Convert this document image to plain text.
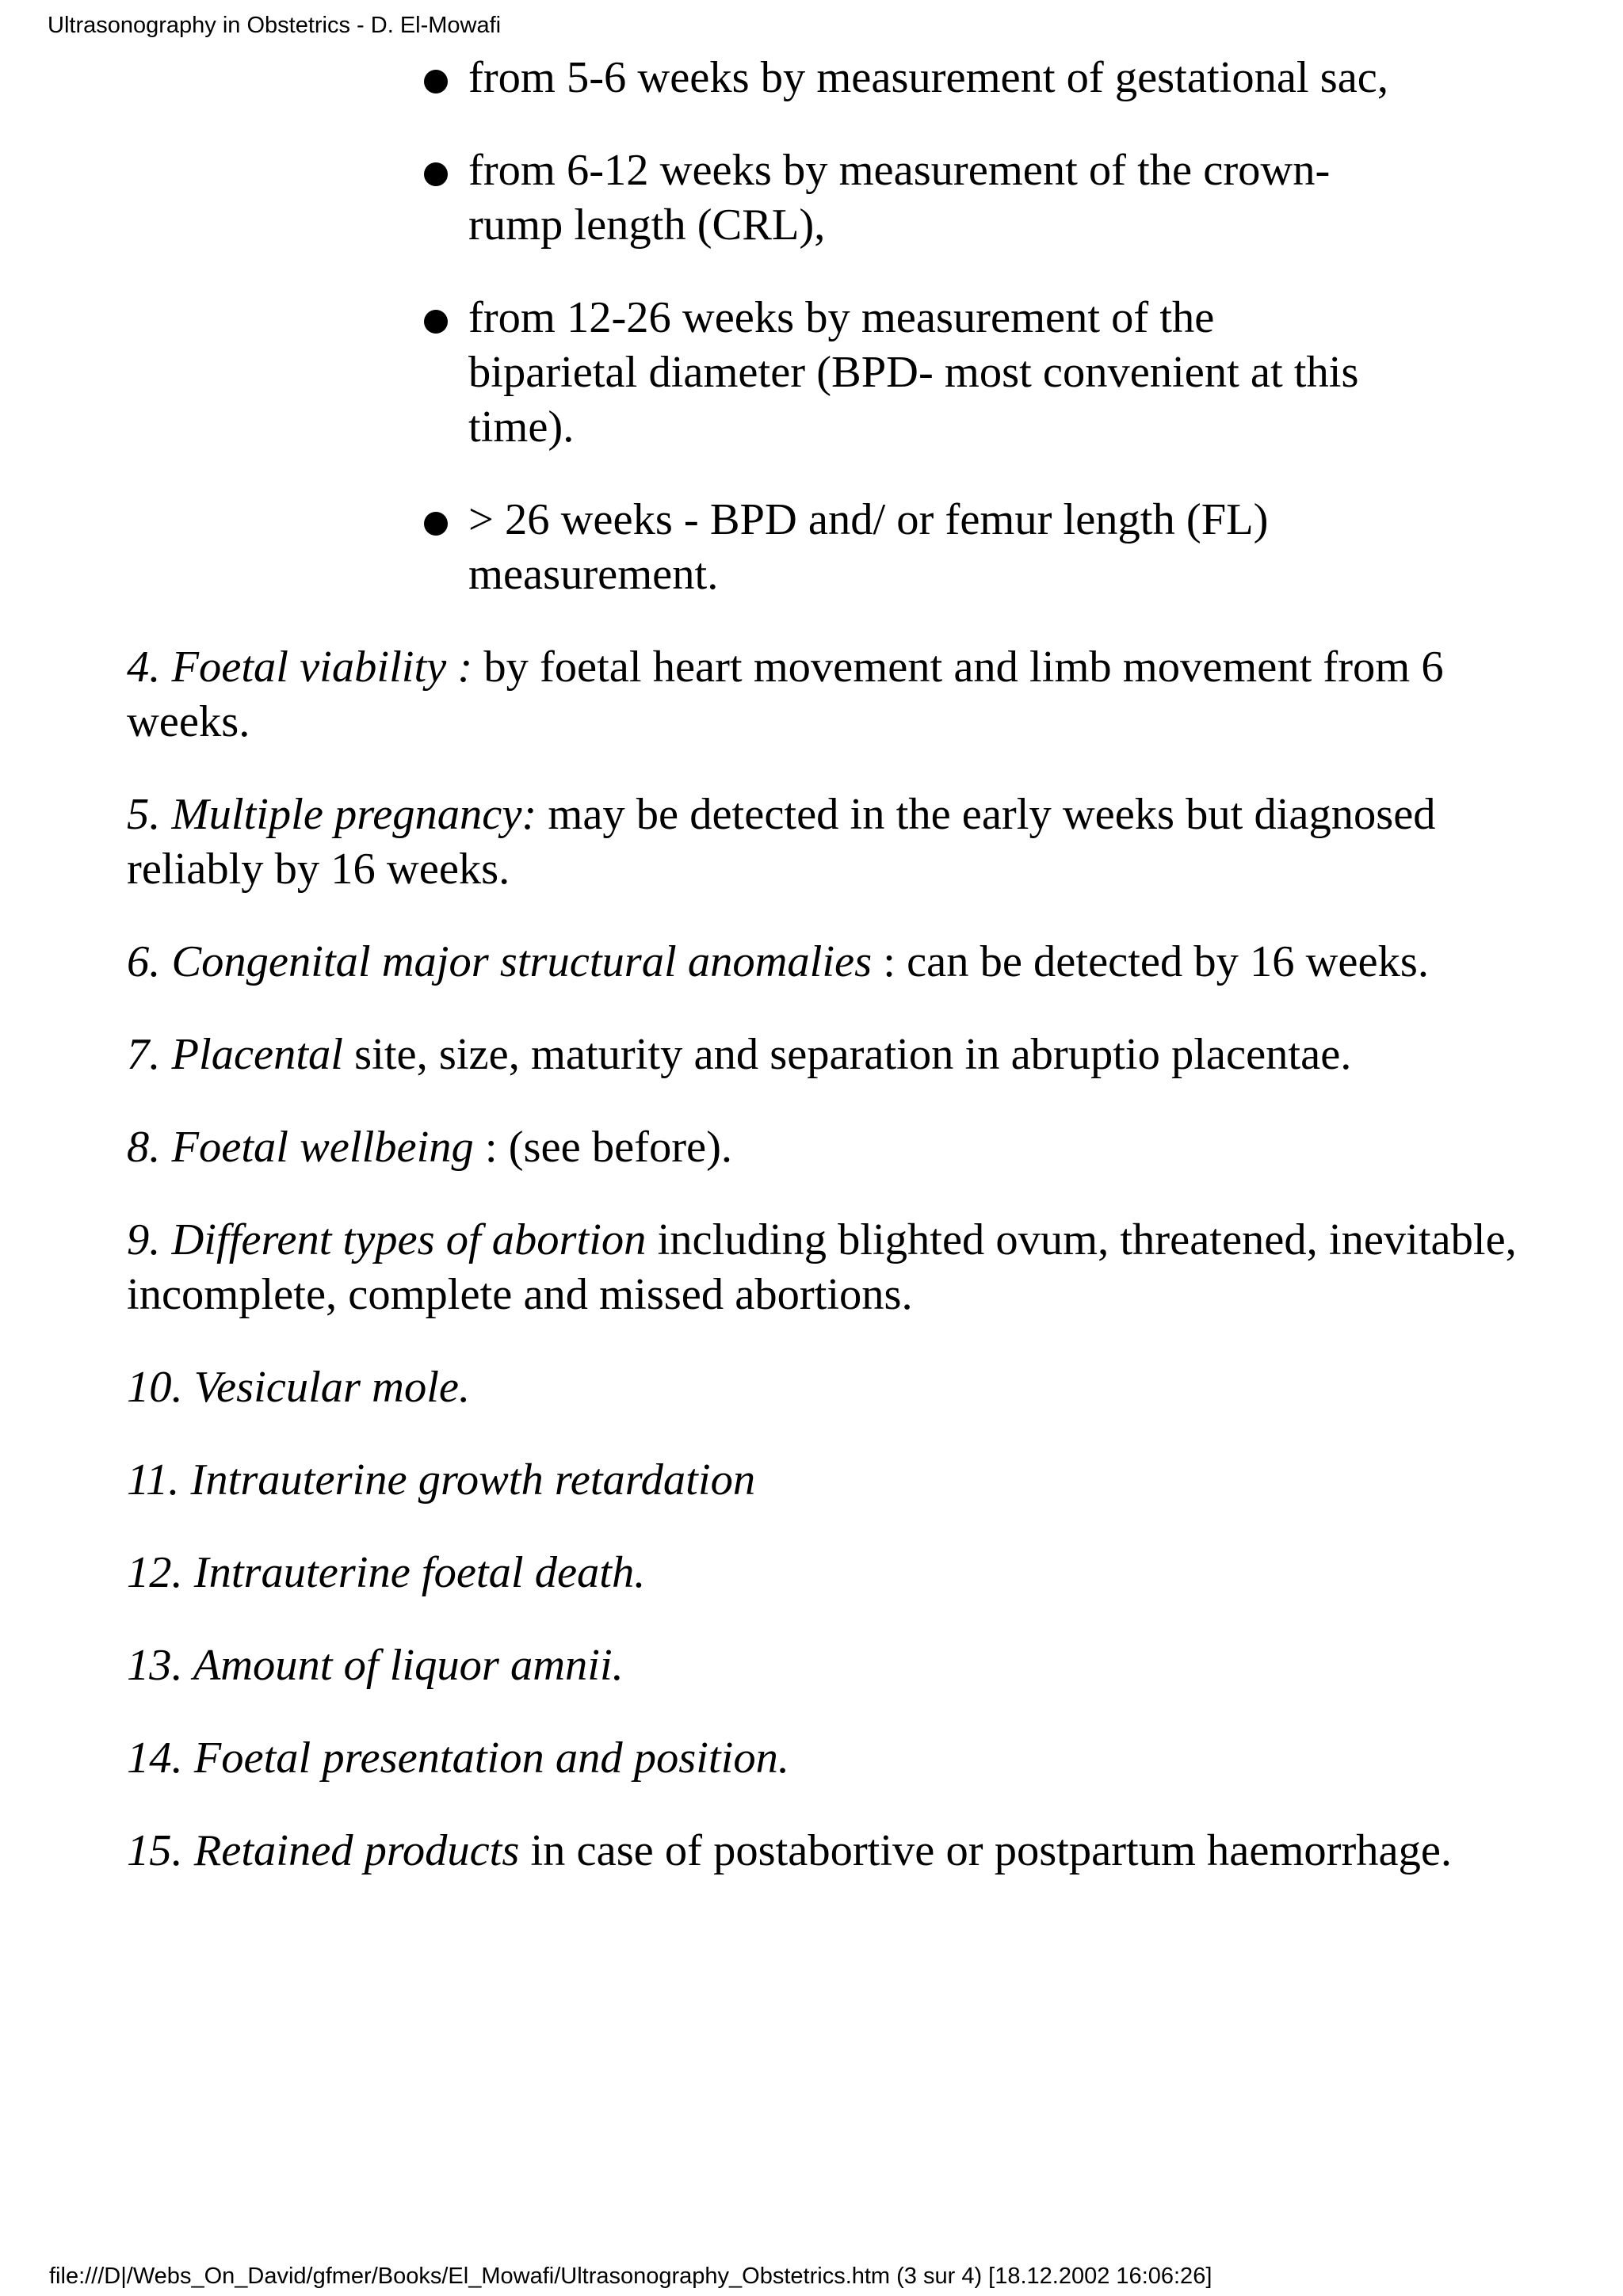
Ultrasonography in Obstetrics - D. El-Mowafi
from 5-6 weeks by measurement of gestational sac,
from 6-12 weeks by measurement of the crown- rump length (CRL),
from 12-26 weeks by measurement of the biparietal diameter (BPD- most convenient at this time).
> 26 weeks - BPD and/ or femur length (FL) measurement.

4. Foetal viability : by foetal heart movement and limb movement from 6 weeks.

5. Multiple pregnancy: may be detected in the early weeks but diagnosed reliably by 16 weeks.

6. Congenital major structural anomalies : can be detected by 16 weeks.

7. Placental site, size, maturity and separation in abruptio placentae.

8. Foetal wellbeing : (see before).

9. Different types of abortion including blighted ovum, threatened, inevitable, incomplete, complete and missed abortions.

10. Vesicular mole.

11. Intrauterine growth retardation

12. Intrauterine foetal death.

13. Amount of liquor amnii.

14. Foetal presentation and position.

15. Retained products in case of postabortive or postpartum haemorrhage.

file:///D|/Webs_On_David/gfmer/Books/El_Mowafi/Ultrasonography_Obstetrics.htm (3 sur 4) [18.12.2002 16:06:26]
